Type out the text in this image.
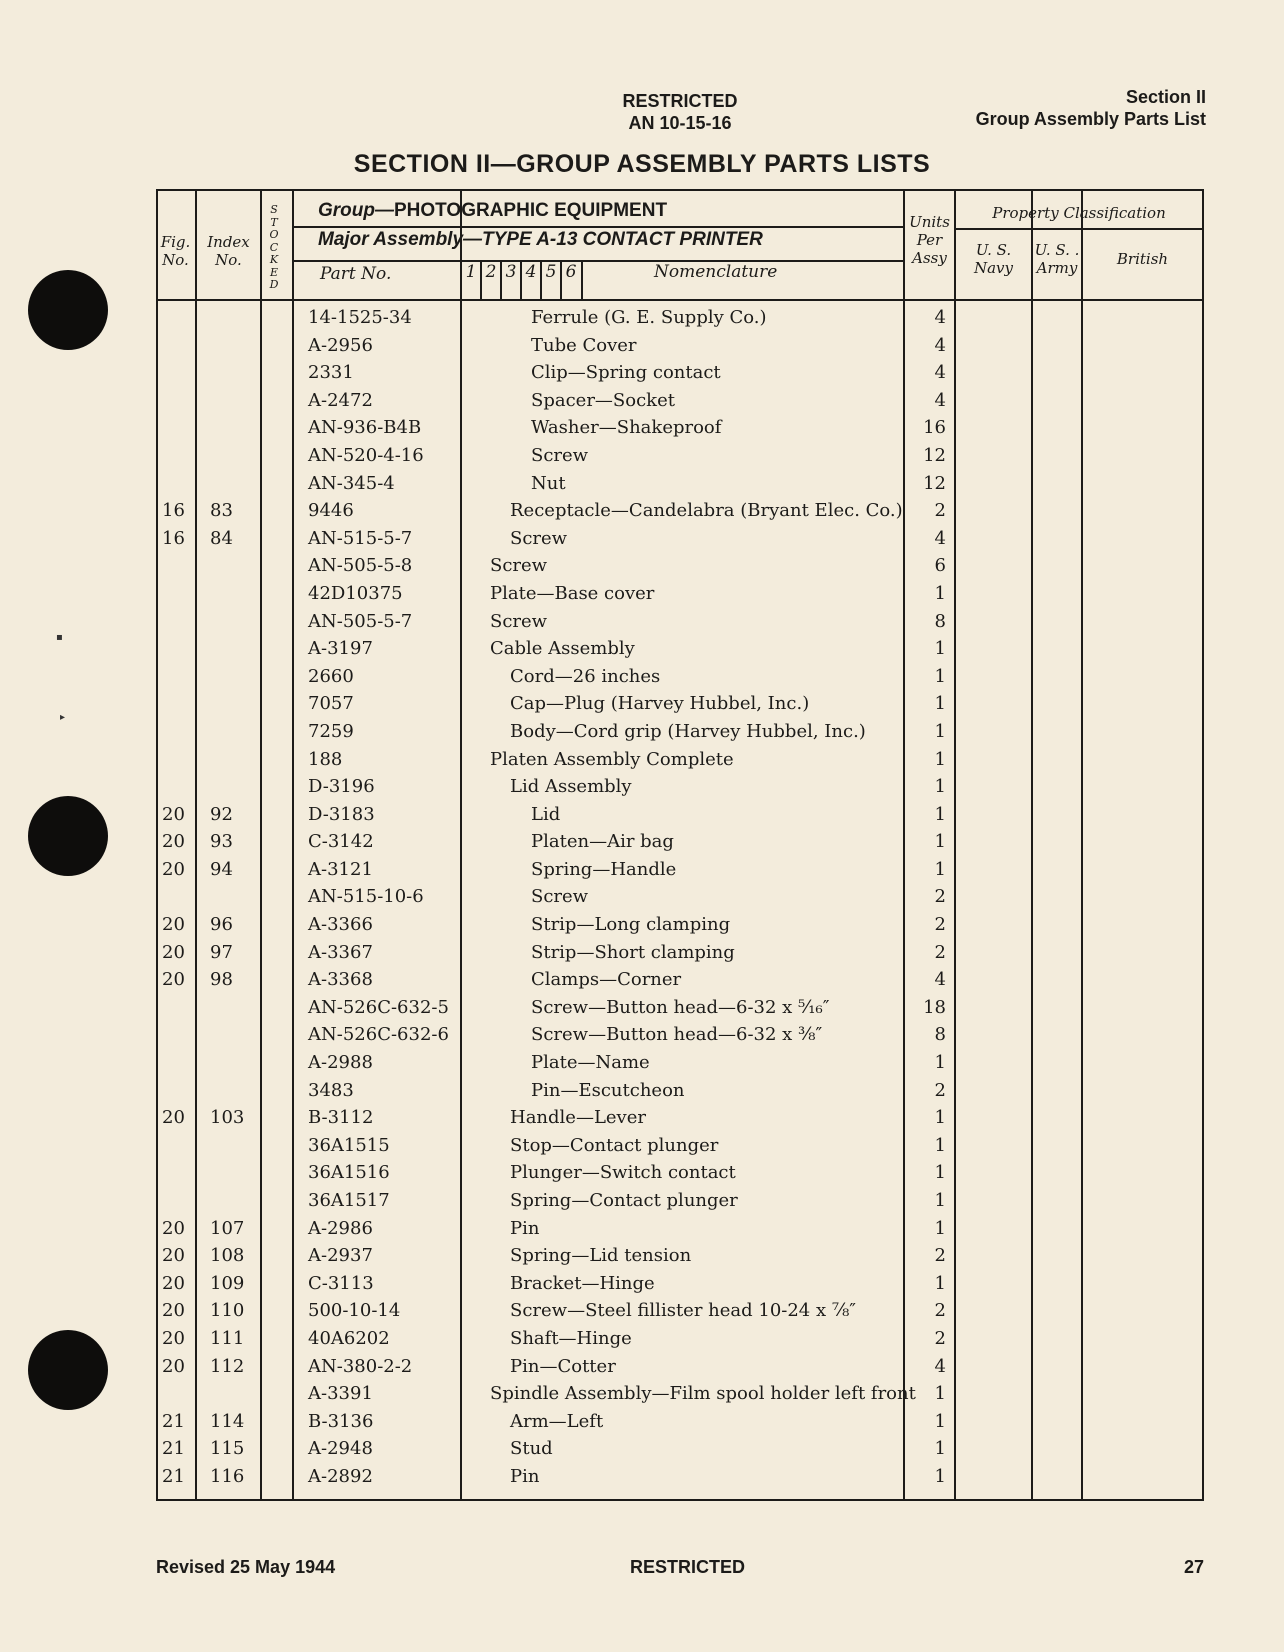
RESTRICTED
AN 10-15-16
Section II
Group Assembly Parts List
SECTION II—GROUP ASSEMBLY PARTS LISTS
Fig.
No.
Index
No.
S
T
O
C
K
E
D
Group—PHOTOGRAPHIC EQUIPMENT
Major Assembly—TYPE A-13 CONTACT PRINTER
Part No.	1 2 3 4 5 6	Nomenclature
Units
Per
Assy
Property Classification
U. S.
Navy
U. S. .
Army	British
14-1525-34	Ferrule (G. E. Supply Co.)	4
A-2956	Tube Cover	4
2331	Clip—Spring contact	4
A-2472	Spacer—Socket	4
AN-936-B4B	Washer—Shakeproof	16
AN-520-4-16	Screw	12
AN-345-4	Nut	12
16	83	9446	Receptacle—Candelabra (Bryant Elec. Co.)	2
16	84	AN-515-5-7	Screw	4
AN-505-5-8	Screw	6
42D10375	Plate—Base cover	1
AN-505-5-7	Screw	8
A-3197	Cable Assembly	1
2660	Cord—26 inches	1
7057	Cap—Plug (Harvey Hubbel, Inc.)	1
7259	Body—Cord grip (Harvey Hubbel, Inc.)	1
188	Platen Assembly Complete	1
D-3196	Lid Assembly	1
20	92	D-3183	Lid	1
20	93	C-3142	Platen—Air bag	1
20	94	A-3121	Spring—Handle	1
AN-515-10-6	Screw	2
20	96	A-3366	Strip—Long clamping	2
20	97	A-3367	Strip—Short clamping	2
20	98	A-3368	Clamps—Corner	4
AN-526C-632-5	Screw—Button head—6-32 x ⁵⁄₁₆″	18
AN-526C-632-6	Screw—Button head—6-32 x ³⁄₈″	8
A-2988	Plate—Name	1
3483	Pin—Escutcheon	2
20	103	B-3112	Handle—Lever	1
36A1515	Stop—Contact plunger	1
36A1516	Plunger—Switch contact	1
36A1517	Spring—Contact plunger	1
20	107	A-2986	Pin	1
20	108	A-2937	Spring—Lid tension	2
20	109	C-3113	Bracket—Hinge	1
20	110	500-10-14	Screw—Steel fillister head 10-24 x ⁷⁄₈″	2
20	111	40A6202	Shaft—Hinge	2
20	112	AN-380-2-2	Pin—Cotter	4
A-3391	Spindle Assembly—Film spool holder left front	1
21	114	B-3136	Arm—Left	1
21	115	A-2948	Stud	1
21	116	A-2892	Pin	1
▪
▸
Revised 25 May 1944	RESTRICTED	27
